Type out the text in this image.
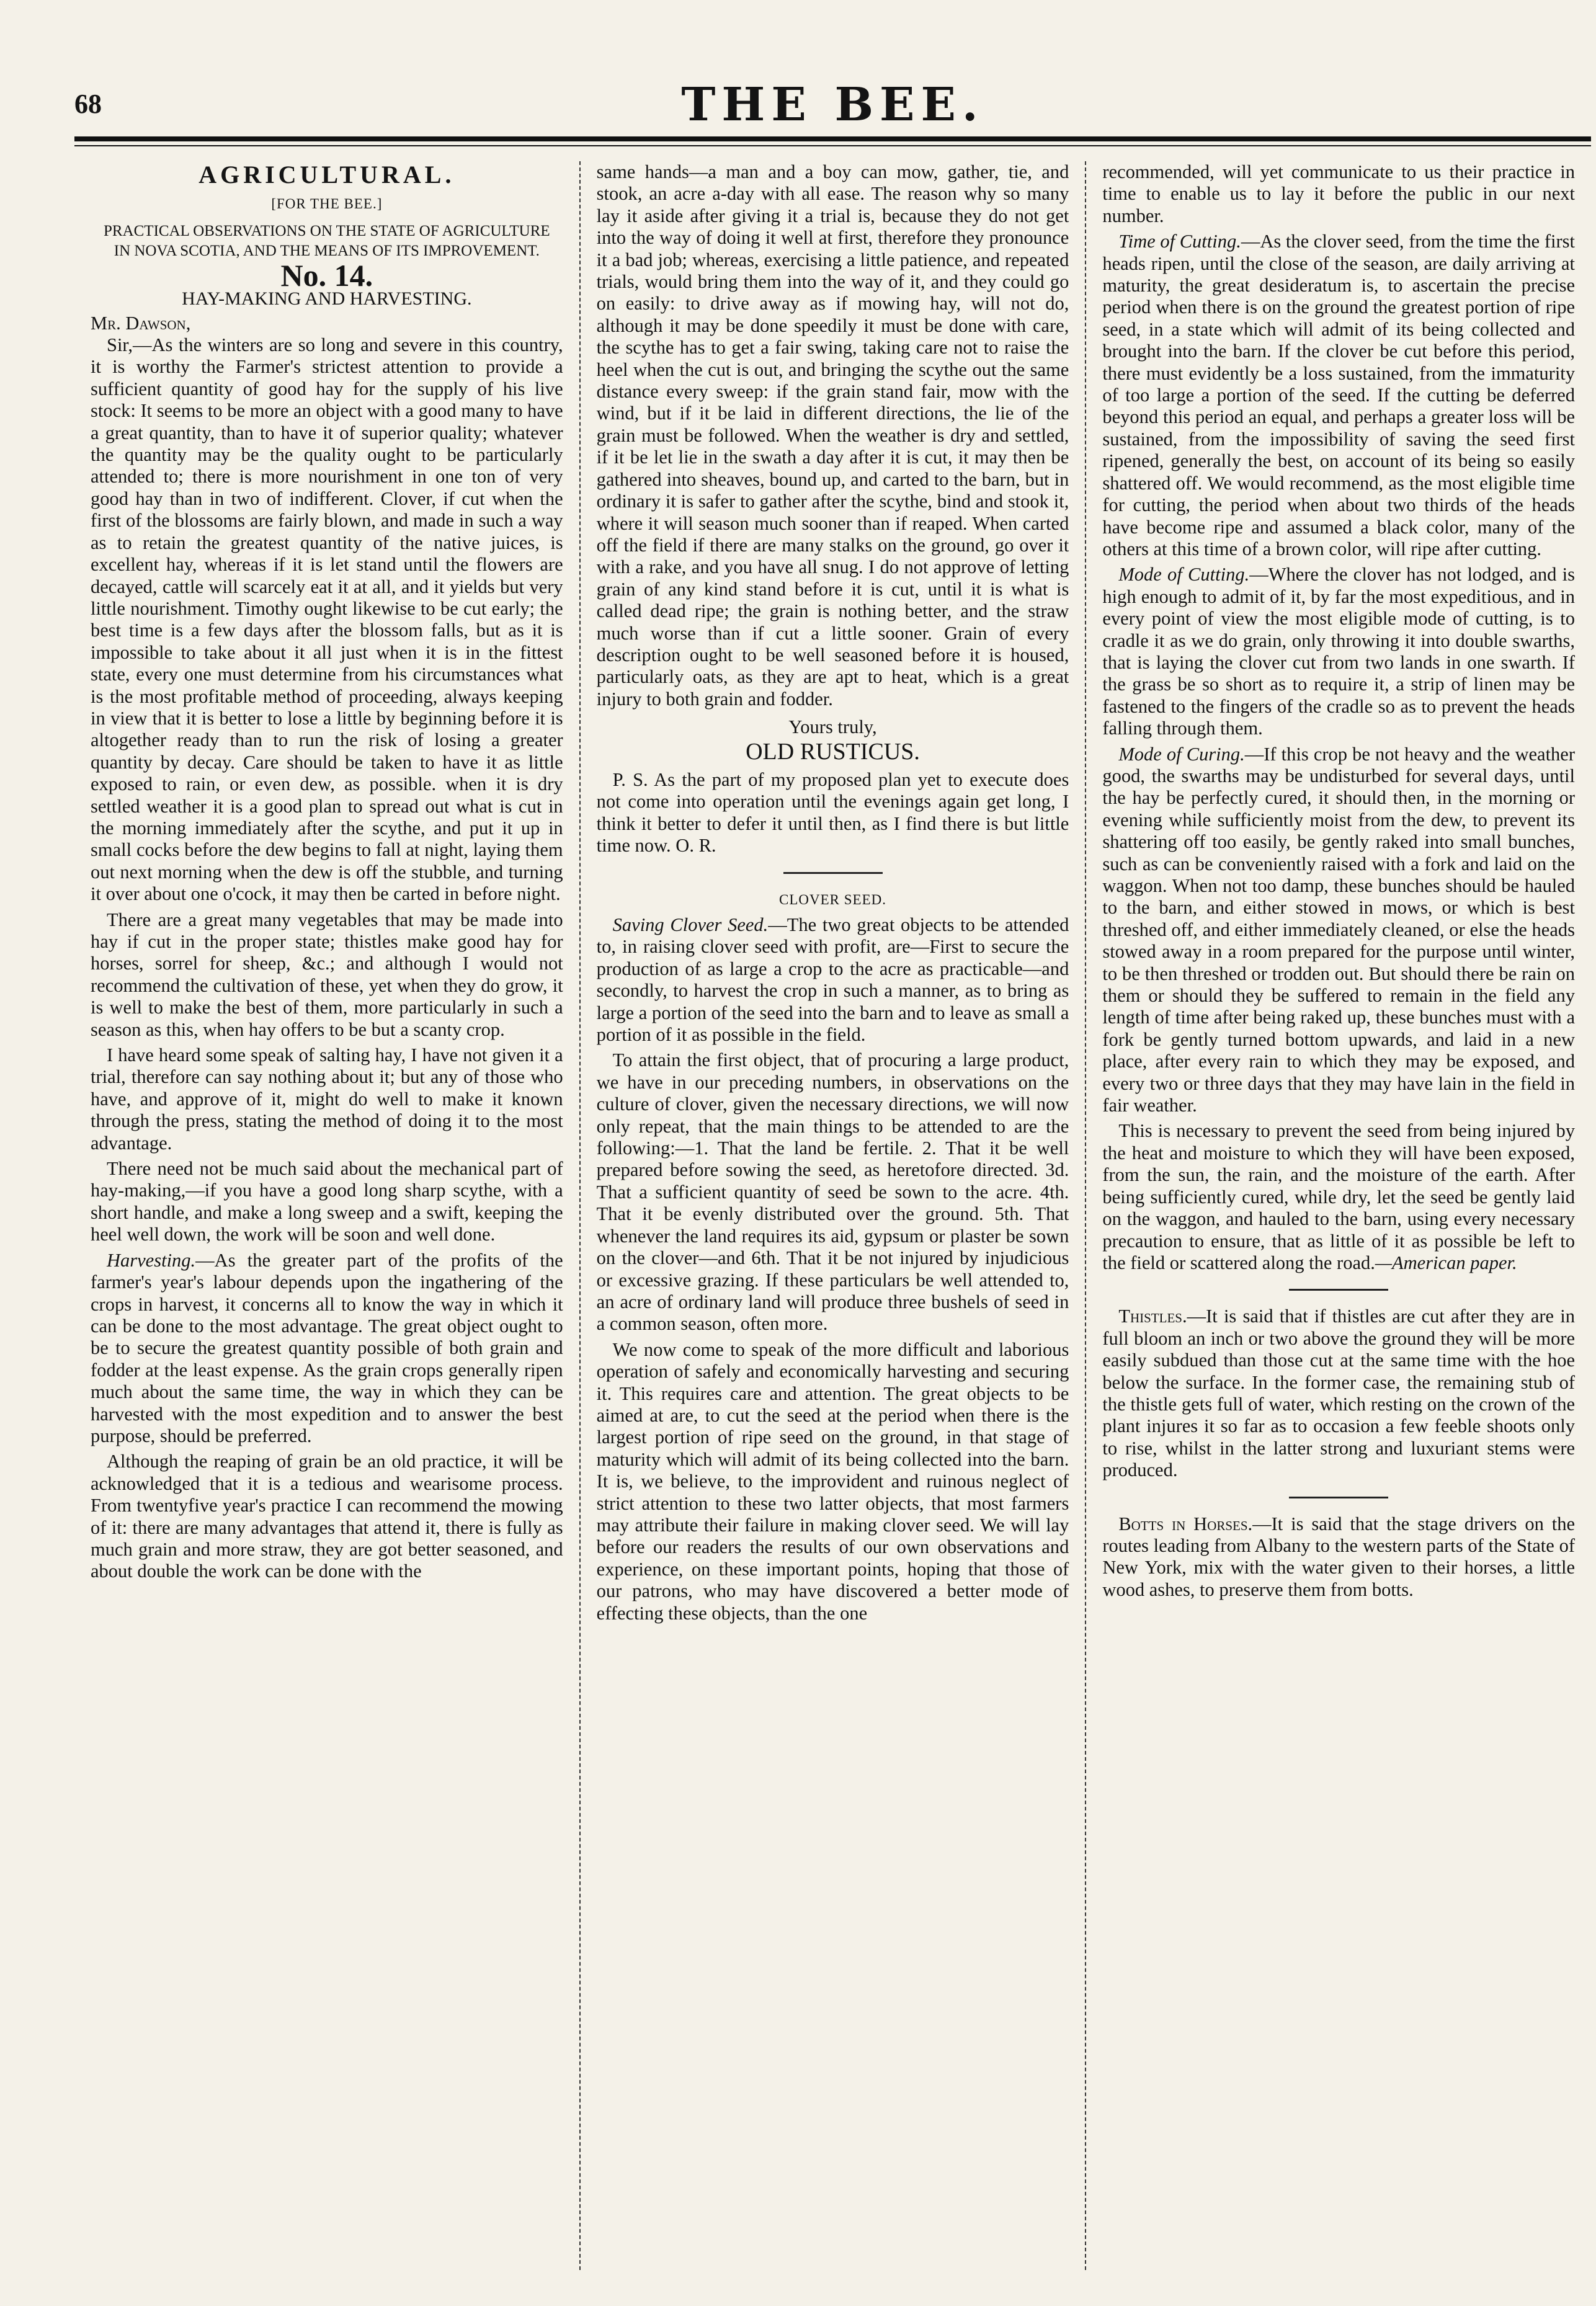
68	THE BEE.
AGRICULTURAL.
[FOR THE BEE.]
PRACTICAL OBSERVATIONS ON THE STATE OF AGRICULTURE IN NOVA SCOTIA, AND THE MEANS OF ITS IMPROVEMENT.
No. 14.
HAY-MAKING AND HARVESTING.

Mr. Dawson,

Sir,—As the winters are so long and severe in this country, it is worthy the Farmer's strictest attention to provide a sufficient quantity of good hay for the supply of his live stock: It seems to be more an object with a good many to have a great quantity, than to have it of superior quality; whatever the quantity may be the quality ought to be particularly attended to; there is more nourishment in one ton of very good hay than in two of indifferent. Clover, if cut when the first of the blossoms are fairly blown, and made in such a way as to retain the greatest quantity of the native juices, is excellent hay, whereas if it is let stand until the flowers are decayed, cattle will scarcely eat it at all, and it yields but very little nourishment. Timothy ought likewise to be cut early; the best time is a few days after the blossom falls, but as it is impossible to take about it all just when it is in the fittest state, every one must determine from his circumstances what is the most profitable method of proceeding, always keeping in view that it is better to lose a little by beginning before it is altogether ready than to run the risk of losing a greater quantity by decay. Care should be taken to have it as little exposed to rain, or even dew, as possible. when it is dry settled weather it is a good plan to spread out what is cut in the morning immediately after the scythe, and put it up in small cocks before the dew begins to fall at night, laying them out next morning when the dew is off the stubble, and turning it over about one o'cock, it may then be carted in before night.

There are a great many vegetables that may be made into hay if cut in the proper state; thistles make good hay for horses, sorrel for sheep, &c.; and although I would not recommend the cultivation of these, yet when they do grow, it is well to make the best of them, more particularly in such a season as this, when hay offers to be but a scanty crop.

I have heard some speak of salting hay, I have not given it a trial, therefore can say nothing about it; but any of those who have, and approve of it, might do well to make it known through the press, stating the method of doing it to the most advantage.

There need not be much said about the mechanical part of hay-making,—if you have a good long sharp scythe, with a short handle, and make a long sweep and a swift, keeping the heel well down, the work will be soon and well done.

Harvesting.—As the greater part of the profits of the farmer's year's labour depends upon the ingathering of the crops in harvest, it concerns all to know the way in which it can be done to the most advantage. The great object ought to be to secure the greatest quantity possible of both grain and fodder at the least expense. As the grain crops generally ripen much about the same time, the way in which they can be harvested with the most expedition and to answer the best purpose, should be preferred.

Although the reaping of grain be an old practice, it will be acknowledged that it is a tedious and wearisome process. From twentyfive year's practice I can recommend the mowing of it: there are many advantages that attend it, there is fully as much grain and more straw, they are got better seasoned, and about double the work can be done with the

same hands—a man and a boy can mow, gather, tie, and stook, an acre a-day with all ease. The reason why so many lay it aside after giving it a trial is, because they do not get into the way of doing it well at first, therefore they pronounce it a bad job; whereas, exercising a little patience, and repeated trials, would bring them into the way of it, and they could go on easily: to drive away as if mowing hay, will not do, although it may be done speedily it must be done with care, the scythe has to get a fair swing, taking care not to raise the heel when the cut is out, and bringing the scythe out the same distance every sweep: if the grain stand fair, mow with the wind, but if it be laid in different directions, the lie of the grain must be followed. When the weather is dry and settled, if it be let lie in the swath a day after it is cut, it may then be gathered into sheaves, bound up, and carted to the barn, but in ordinary it is safer to gather after the scythe, bind and stook it, where it will season much sooner than if reaped. When carted off the field if there are many stalks on the ground, go over it with a rake, and you have all snug. I do not approve of letting grain of any kind stand before it is cut, until it is what is called dead ripe; the grain is nothing better, and the straw much worse than if cut a little sooner. Grain of every description ought to be well seasoned before it is housed, particularly oats, as they are apt to heat, which is a great injury to both grain and fodder.

Yours truly,
OLD RUSTICUS.

P. S. As the part of my proposed plan yet to execute does not come into operation until the evenings again get long, I think it better to defer it until then, as I find there is but little time now. O. R.

CLOVER SEED.

Saving Clover Seed.—The two great objects to be attended to, in raising clover seed with profit, are—First to secure the production of as large a crop to the acre as practicable—and secondly, to harvest the crop in such a manner, as to bring as large a portion of the seed into the barn and to leave as small a portion of it as possible in the field.

To attain the first object, that of procuring a large product, we have in our preceding numbers, in observations on the culture of clover, given the necessary directions, we will now only repeat, that the main things to be attended to are the following:—1. That the land be fertile. 2. That it be well prepared before sowing the seed, as heretofore directed. 3d. That a sufficient quantity of seed be sown to the acre. 4th. That it be evenly distributed over the ground. 5th. That whenever the land requires its aid, gypsum or plaster be sown on the clover—and 6th. That it be not injured by injudicious or excessive grazing. If these particulars be well attended to, an acre of ordinary land will produce three bushels of seed in a common season, often more.

We now come to speak of the more difficult and laborious operation of safely and economically harvesting and securing it. This requires care and attention. The great objects to be aimed at are, to cut the seed at the period when there is the largest portion of ripe seed on the ground, in that stage of maturity which will admit of its being collected into the barn. It is, we believe, to the improvident and ruinous neglect of strict attention to these two latter objects, that most farmers may attribute their failure in making clover seed. We will lay before our readers the results of our own observations and experience, on these important points, hoping that those of our patrons, who may have discovered a better mode of effecting these objects, than the one

recommended, will yet communicate to us their practice in time to enable us to lay it before the public in our next number.

Time of Cutting.—As the clover seed, from the time the first heads ripen, until the close of the season, are daily arriving at maturity, the great desideratum is, to ascertain the precise period when there is on the ground the greatest portion of ripe seed, in a state which will admit of its being collected and brought into the barn. If the clover be cut before this period, there must evidently be a loss sustained, from the immaturity of too large a portion of the seed. If the cutting be deferred beyond this period an equal, and perhaps a greater loss will be sustained, from the impossibility of saving the seed first ripened, generally the best, on account of its being so easily shattered off. We would recommend, as the most eligible time for cutting, the period when about two thirds of the heads have become ripe and assumed a black color, many of the others at this time of a brown color, will ripe after cutting.

Mode of Cutting.—Where the clover has not lodged, and is high enough to admit of it, by far the most expeditious, and in every point of view the most eligible mode of cutting, is to cradle it as we do grain, only throwing it into double swarths, that is laying the clover cut from two lands in one swarth. If the grass be so short as to require it, a strip of linen may be fastened to the fingers of the cradle so as to prevent the heads falling through them.

Mode of Curing.—If this crop be not heavy and the weather good, the swarths may be undisturbed for several days, until the hay be perfectly cured, it should then, in the morning or evening while sufficiently moist from the dew, to prevent its shattering off too easily, be gently raked into small bunches, such as can be conveniently raised with a fork and laid on the waggon. When not too damp, these bunches should be hauled to the barn, and either stowed in mows, or which is best threshed off, and either immediately cleaned, or else the heads stowed away in a room prepared for the purpose until winter, to be then threshed or trodden out. But should there be rain on them or should they be suffered to remain in the field any length of time after being raked up, these bunches must with a fork be gently turned bottom upwards, and laid in a new place, after every rain to which they may be exposed, and every two or three days that they may have lain in the field in fair weather.

This is necessary to prevent the seed from being injured by the heat and moisture to which they will have been exposed, from the sun, the rain, and the moisture of the earth. After being sufficiently cured, while dry, let the seed be gently laid on the waggon, and hauled to the barn, using every necessary precaution to ensure, that as little of it as possible be left to the field or scattered along the road.—American paper.

Thistles.—It is said that if thistles are cut after they are in full bloom an inch or two above the ground they will be more easily subdued than those cut at the same time with the hoe below the surface. In the former case, the remaining stub of the thistle gets full of water, which resting on the crown of the plant injures it so far as to occasion a few feeble shoots only to rise, whilst in the latter strong and luxuriant stems were produced.

Botts in Horses.—It is said that the stage drivers on the routes leading from Albany to the western parts of the State of New York, mix with the water given to their horses, a little wood ashes, to preserve them from botts.
